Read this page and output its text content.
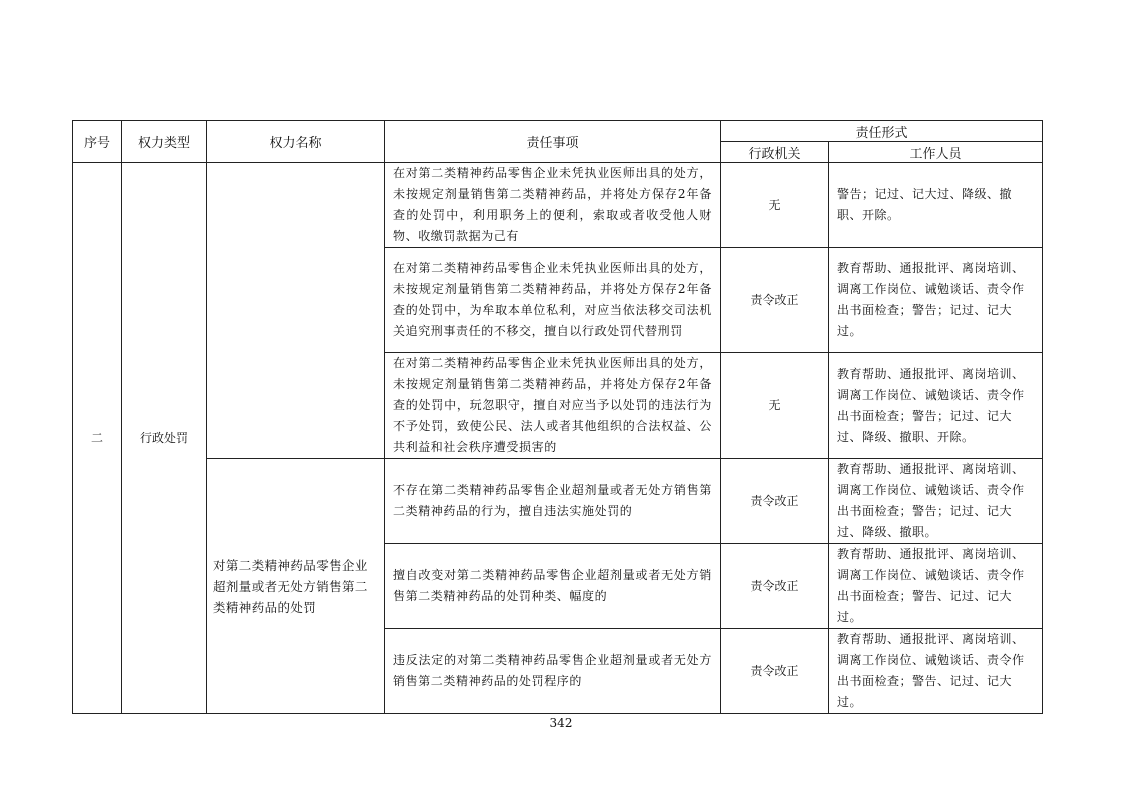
序号	权力类型	权力名称	责任事项	责任形式	
				行政机关	工作人员
二	行政处罚		在对第二类精神药品零售企业未凭执业医师出具的处方，未按规定剂量销售第二类精神药品，并将处方保存2年备查的处罚中，利用职务上的便利，索取或者收受他人财物、收缴罚款据为己有	无	警告；记过、记大过、降级、撤职、开除。
			在对第二类精神药品零售企业未凭执业医师出具的处方，未按规定剂量销售第二类精神药品，并将处方保存2年备查的处罚中，为牟取本单位私利，对应当依法移交司法机关追究刑事责任的不移交，擅自以行政处罚代替刑罚	责令改正	教育帮助、通报批评、离岗培训、调离工作岗位、诫勉谈话、责令作出书面检查；警告；记过、记大过。
			在对第二类精神药品零售企业未凭执业医师出具的处方，未按规定剂量销售第二类精神药品，并将处方保存2年备查的处罚中，玩忽职守，擅自对应当予以处罚的违法行为不予处罚，致使公民、法人或者其他组织的合法权益、公共利益和社会秩序遭受损害的	无	教育帮助、通报批评、离岗培训、调离工作岗位、诫勉谈话、责令作出书面检查；警告；记过、记大过、降级、撤职、开除。
		对第二类精神药品零售企业超剂量或者无处方销售第二类精神药品的处罚	不存在第二类精神药品零售企业超剂量或者无处方销售第二类精神药品的行为，擅自违法实施处罚的	责令改正	教育帮助、通报批评、离岗培训、调离工作岗位、诫勉谈话、责令作出书面检查；警告；记过、记大过、降级、撤职。
			擅自改变对第二类精神药品零售企业超剂量或者无处方销售第二类精神药品的处罚种类、幅度的	责令改正	教育帮助、通报批评、离岗培训、调离工作岗位、诫勉谈话、责令作出书面检查；警告、记过、记大过。
			违反法定的对第二类精神药品零售企业超剂量或者无处方销售第二类精神药品的处罚程序的	责令改正	教育帮助、通报批评、离岗培训、调离工作岗位、诫勉谈话、责令作出书面检查；警告、记过、记大过。
342
